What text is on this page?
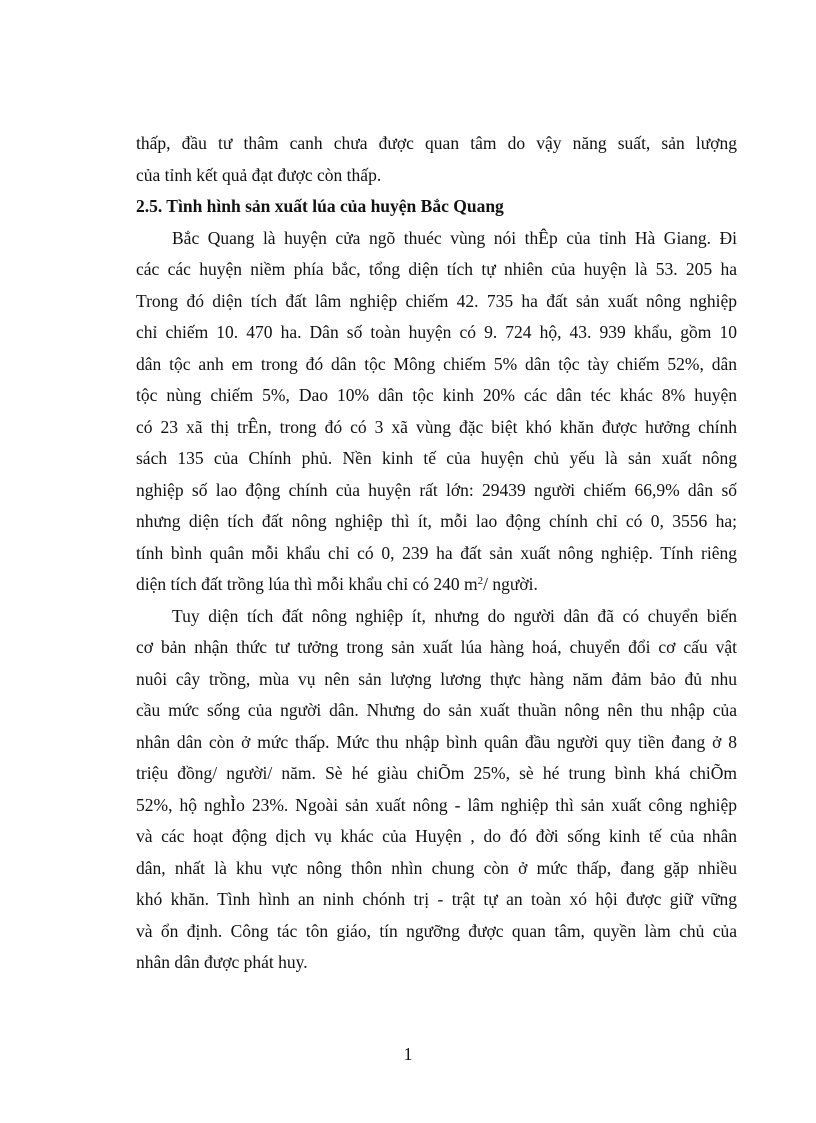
thấp, đầu tư thâm canh chưa được quan tâm do vậy năng suất, sản lượng
của tỉnh kết quả đạt được còn thấp.
2.5. Tình hình sản xuất lúa của huyện Bắc Quang
Bắc Quang là huyện cửa ngõ thuéc vùng nói thÊp của tỉnh Hà Giang. Đi
các các huyện niềm phía bắc, tổng diện tích tự nhiên của huyện là 53. 205 ha
Trong đó diện tích đất lâm nghiệp chiếm 42. 735 ha đất sản xuất nông nghiệp
chỉ chiếm 10. 470 ha. Dân số toàn huyện có 9. 724 hộ, 43. 939 khẩu, gồm 10
dân tộc anh em trong đó dân tộc Mông chiếm 5% dân tộc tày chiếm 52%, dân
tộc nùng chiếm 5%, Dao 10% dân tộc kinh 20% các dân téc khác 8% huyện
có 23 xã thị trÊn, trong đó có 3 xã vùng đặc biệt khó khăn được hưởng chính
sách 135 của Chính phủ. Nền kinh tế của huyện chủ yếu là sản xuất nông
nghiệp số lao động chính của huyện rất lớn: 29439 người chiếm 66,9% dân số
nhưng diện tích đất nông nghiệp thì ít, mỗi lao động chính chỉ có 0, 3556 ha;
tính bình quân mỗi khẩu chỉ có 0, 239 ha đất sản xuất nông nghiệp. Tính riêng
diện tích đất trồng lúa thì mỗi khẩu chỉ có 240 $m^2/$ người.
Tuy diện tích đất nông nghiệp ít, nhưng do người dân đã có chuyển biến
cơ bản nhận thức tư tưởng trong sản xuất lúa hàng hoá, chuyển đổi cơ cấu vật
nuôi cây trồng, mùa vụ nên sản lượng lương thực hàng năm đảm bảo đủ nhu
cầu mức sống của người dân. Nhưng do sản xuất thuần nông nên thu nhập của
nhân dân còn ở mức thấp. Mức thu nhập bình quân đầu người quy tiền đang ở 8
triệu đồng/ người/ năm. Sè hé giàu chiÕm 25%, sè hé trung bình khá chiÕm
52%, hộ nghÌo 23%. Ngoài sản xuất nông - lâm nghiệp thì sản xuất công nghiệp
và các hoạt động dịch vụ khác của Huyện , do đó đời sống kinh tế của nhân
dân, nhất là khu vực nông thôn nhìn chung còn ở mức thấp, đang gặp nhiều
khó khăn. Tình hình an ninh chónh trị - trật tự an toàn xó hội được giữ vững
và ổn định. Công tác tôn giáo, tín ngưỡng được quan tâm, quyền làm chủ của
nhân dân được phát huy.
1
